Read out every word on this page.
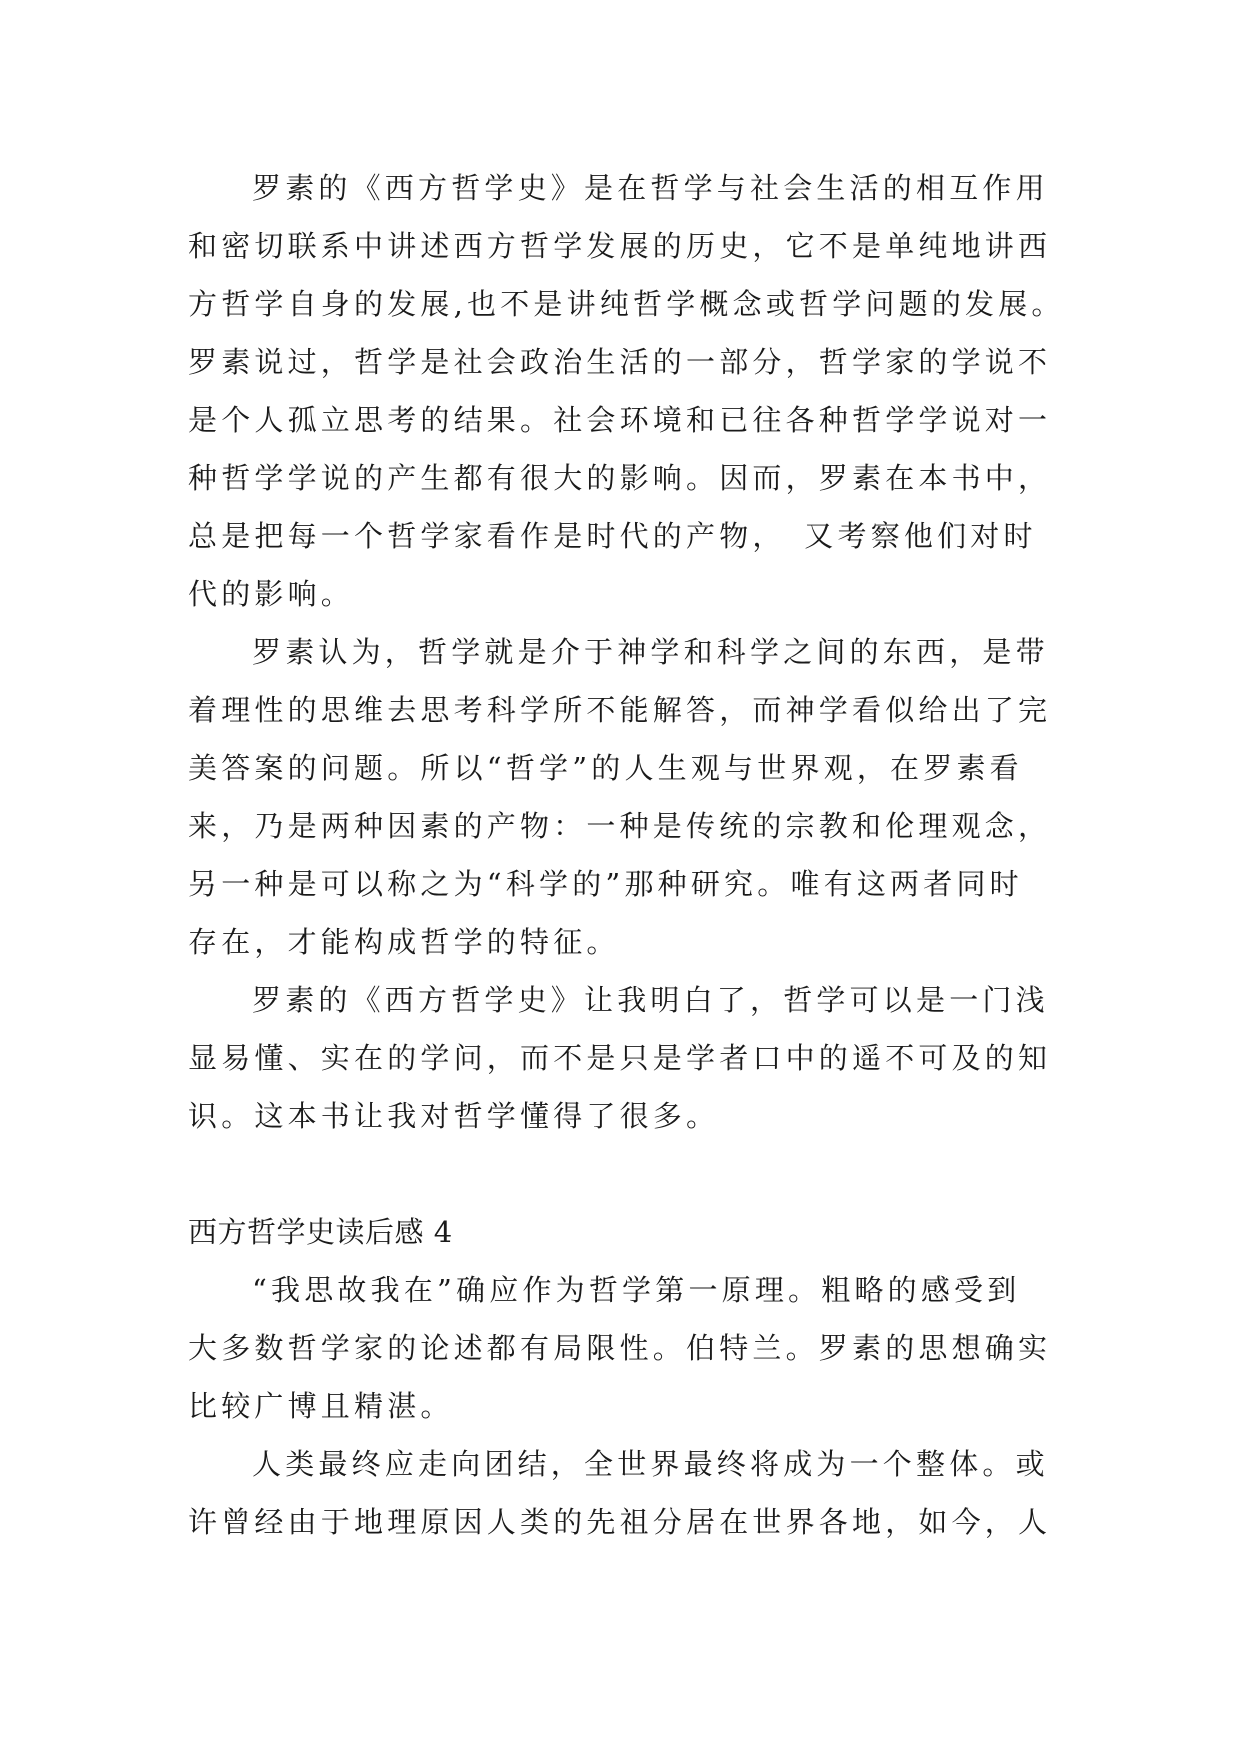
罗素的《西方哲学史》是在哲学与社会生活的相互作用
和密切联系中讲述西方哲学发展的历史，它不是单纯地讲西
方哲学自身的发展,也不是讲纯哲学概念或哲学问题的发展。
罗素说过，哲学是社会政治生活的一部分，哲学家的学说不
是个人孤立思考的结果。社会环境和已往各种哲学学说对一
种哲学学说的产生都有很大的影响。因而，罗素在本书中，
总是把每一个哲学家看作是时代的产物，　又考察他们对时
代的影响。
罗素认为，哲学就是介于神学和科学之间的东西，是带
着理性的思维去思考科学所不能解答，而神学看似给出了完
美答案的问题。所以“哲学”的人生观与世界观，在罗素看
来，乃是两种因素的产物：一种是传统的宗教和伦理观念，
另一种是可以称之为“科学的”那种研究。唯有这两者同时
存在，才能构成哲学的特征。
罗素的《西方哲学史》让我明白了，哲学可以是一门浅
显易懂、实在的学问，而不是只是学者口中的遥不可及的知
识。这本书让我对哲学懂得了很多。
西方哲学史读后感 4
“我思故我在”确应作为哲学第一原理。粗略的感受到
大多数哲学家的论述都有局限性。伯特兰。罗素的思想确实
比较广博且精湛。
人类最终应走向团结，全世界最终将成为一个整体。或
许曾经由于地理原因人类的先祖分居在世界各地，如今，人
